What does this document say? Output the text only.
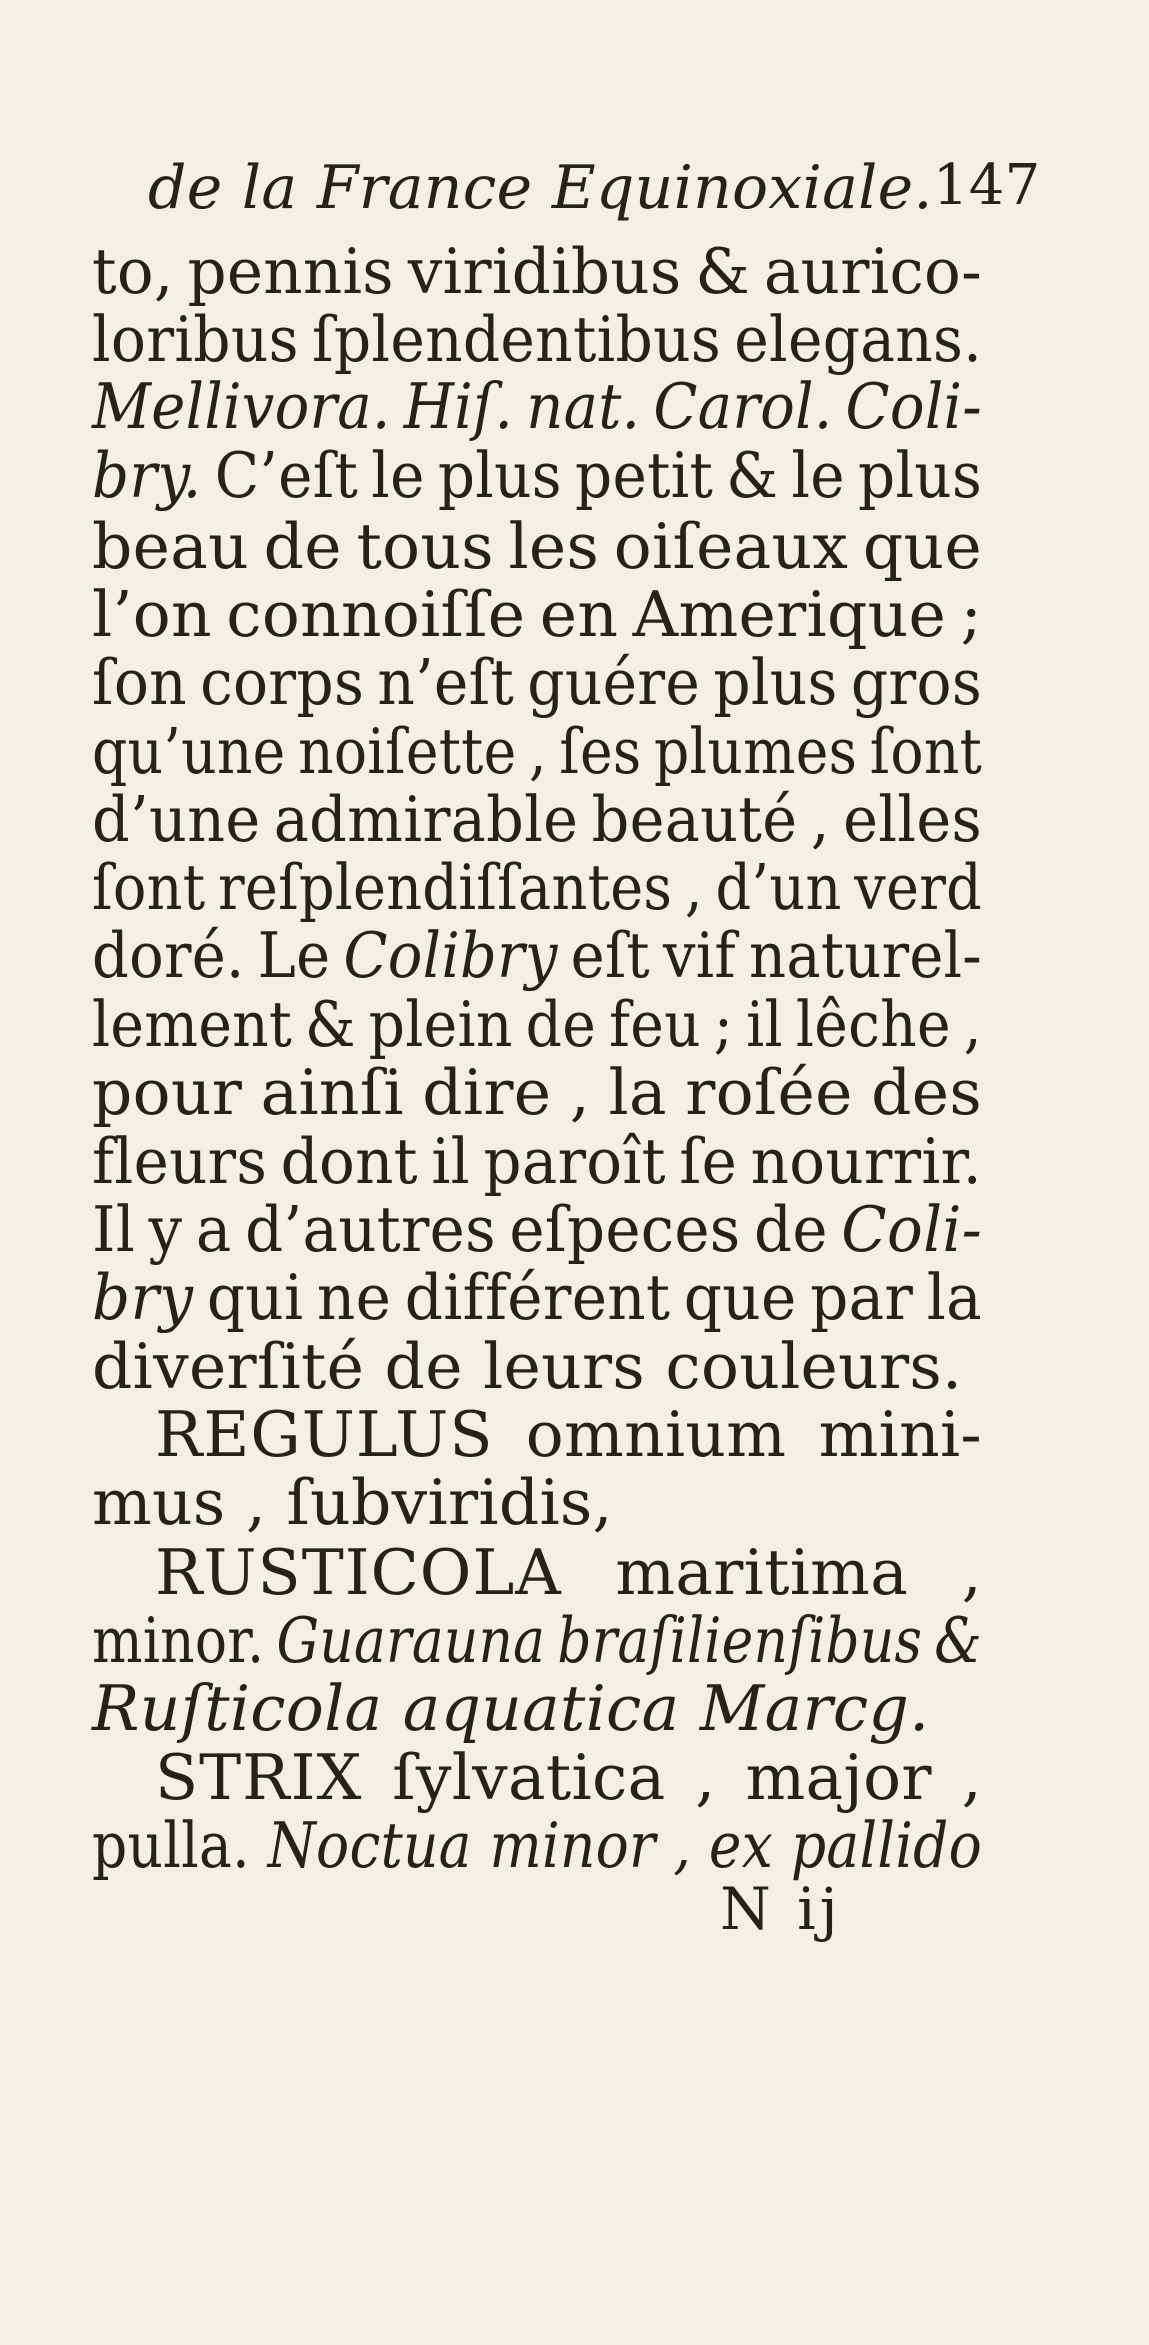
de la France Equinoxiale. 147
to, pennis viridibus & aurico-
loribus ſplendentibus elegans.
Mellivora. Hiſ. nat. Carol. Coli-
bry. C’eſt le plus petit & le plus
beau de tous les oiſeaux que
l’on connoiſſe en Amerique ;
ſon corps n’eſt guére plus gros
qu’une noiſette , ſes plumes ſont
d’une admirable beauté , elles
ſont reſplendiſſantes , d’un verd
doré. Le Colibry eſt vif naturel-
lement & plein de feu ; il lêche ,
pour ainſi dire , la roſée des
fleurs dont il paroît ſe nourrir.
Il y a d’autres eſpeces de Coli-
bry qui ne différent que par la
diverſité de leurs couleurs.
REGULUS omnium mini-
mus , ſubviridis,
RUSTICOLA maritima ,
minor. Guarauna braſilienſibus &
Ruſticola aquatica Marcg.
STRIX ſylvatica , major ,
pulla. Noctua minor , ex pallido
N ij
